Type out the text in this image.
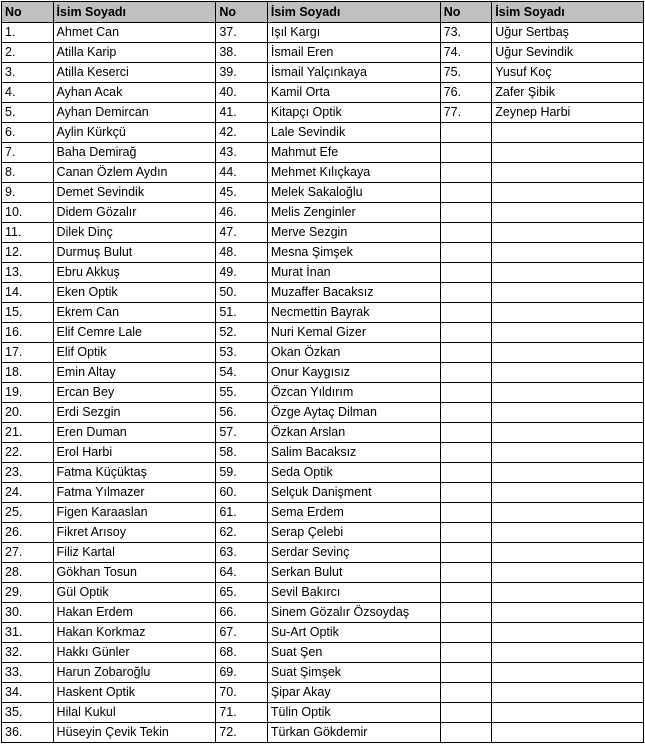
No	İsim Soyadı	No	İsim Soyadı	No	İsim Soyadı
1.	Ahmet Can	37.	Işıl Kargı	73.	Uğur Sertbaş
2.	Atilla Karip	38.	İsmail Eren	74.	Uğur Sevindik
3.	Atilla Keserci	39.	İsmail Yalçınkaya	75.	Yusuf Koç
4.	Ayhan Acak	40.	Kamil Orta	76.	Zafer Şibik
5.	Ayhan Demircan	41.	Kitapçı Optik	77.	Zeynep Harbi
6.	Aylin Kürkçü	42.	Lale Sevindik		
7.	Baha Demirağ	43.	Mahmut Efe		
8.	Canan Özlem Aydın	44.	Mehmet Kılıçkaya		
9.	Demet Sevindik	45.	Melek Sakaloğlu		
10.	Didem Gözalır	46.	Melis Zenginler		
11.	Dilek Dinç	47.	Merve Sezgin		
12.	Durmuş Bulut	48.	Mesna Şimşek		
13.	Ebru Akkuş	49.	Murat İnan		
14.	Eken Optik	50.	Muzaffer Bacaksız		
15.	Ekrem Can	51.	Necmettin Bayrak		
16.	Elif Cemre Lale	52.	Nuri Kemal Gizer		
17.	Elif Optik	53.	Okan Özkan		
18.	Emin Altay	54.	Onur Kaygısız		
19.	Ercan Bey	55.	Özcan Yıldırım		
20.	Erdi Sezgin	56.	Özge Aytaç Dilman		
21.	Eren Duman	57.	Özkan Arslan		
22.	Erol Harbi	58.	Salim Bacaksız		
23.	Fatma Küçüktaş	59.	Seda Optik		
24.	Fatma Yılmazer	60.	Selçuk Danişment		
25.	Figen Karaaslan	61.	Sema Erdem		
26.	Fikret Arısoy	62.	Serap Çelebi		
27.	Filiz Kartal	63.	Serdar Sevinç		
28.	Gökhan Tosun	64.	Serkan Bulut		
29.	Gül Optik	65.	Sevil Bakırcı		
30.	Hakan Erdem	66.	Sinem Gözalır Özsoydaş		
31.	Hakan Korkmaz	67.	Su-Art Optik		
32.	Hakkı Günler	68.	Suat Şen		
33.	Harun Zobaroğlu	69.	Suat Şimşek		
34.	Haskent Optik	70.	Şipar Akay		
35.	Hilal Kukul	71.	Tülin Optik		
36.	Hüseyin Çevik Tekin	72.	Türkan Gökdemir		
